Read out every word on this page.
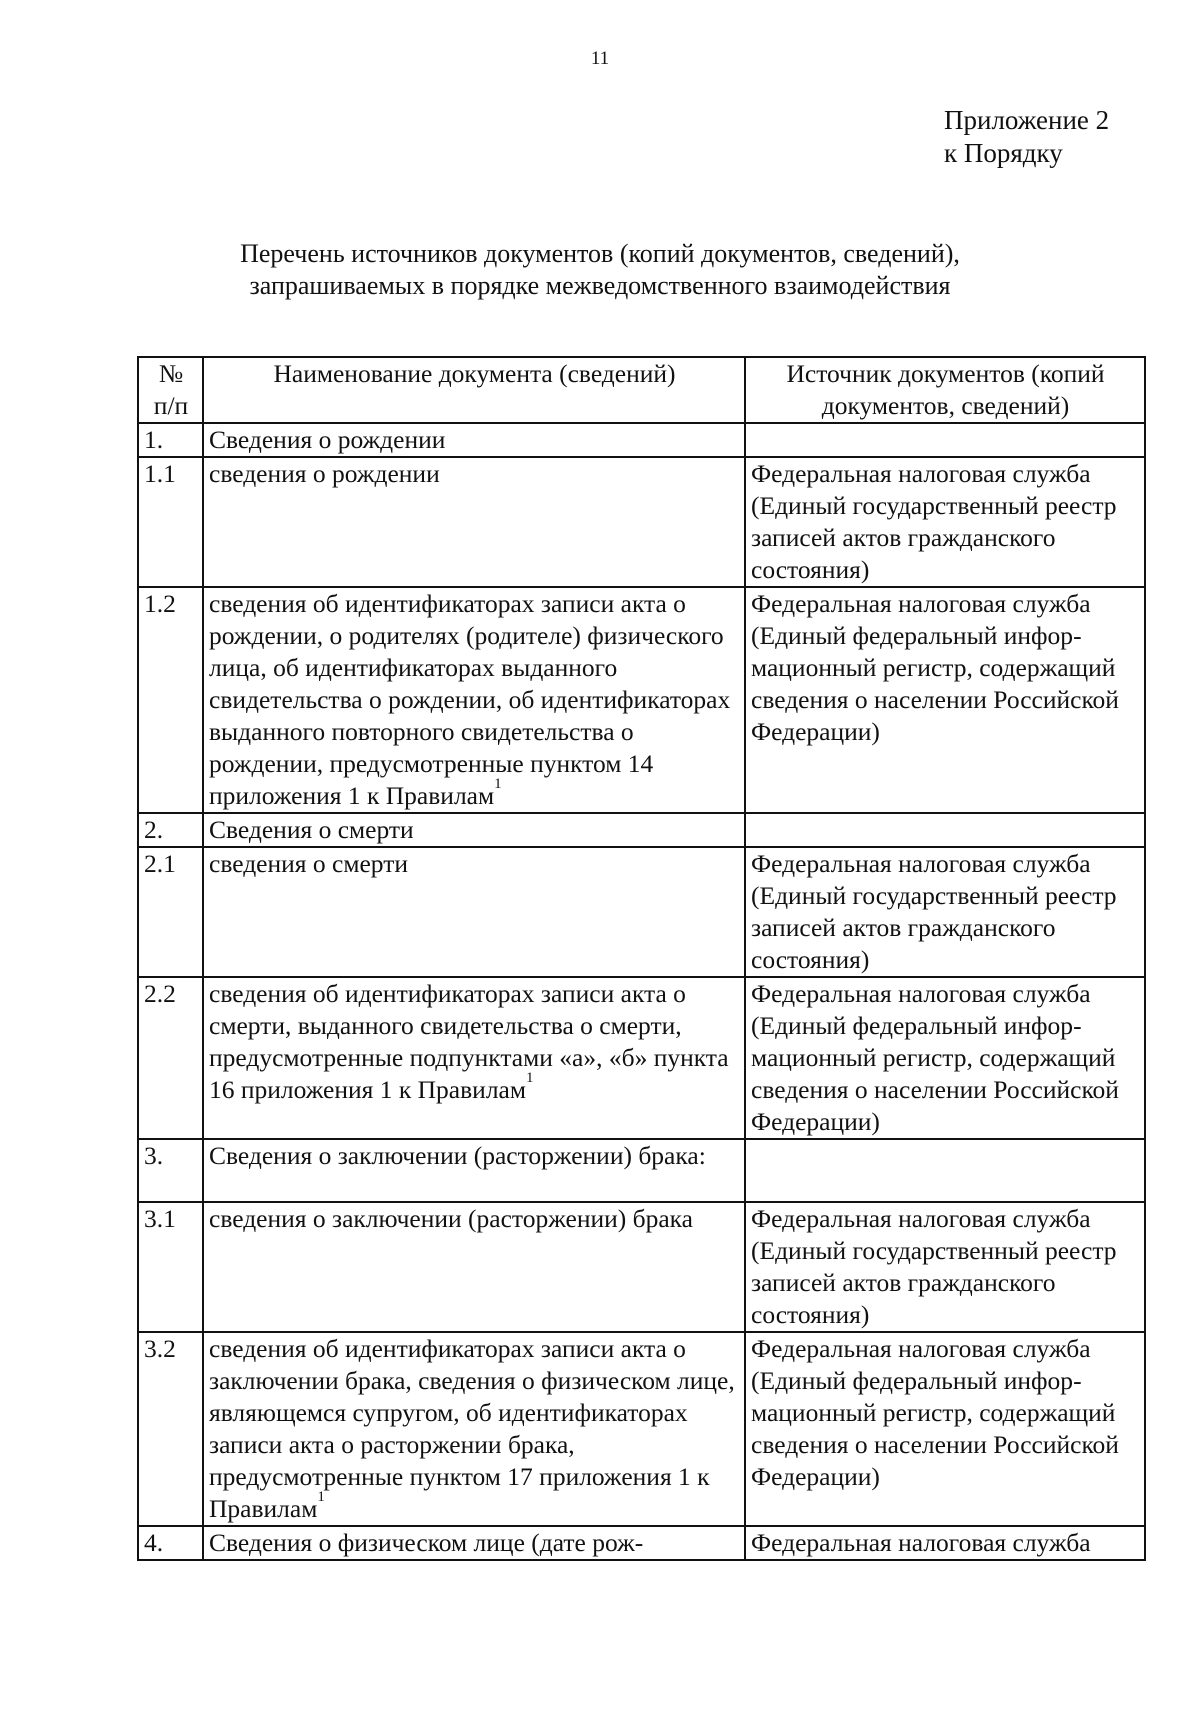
11
Приложение 2
к Порядку
Перечень источников документов (копий документов, сведений),
запрашиваемых в порядке межведомственного взаимодействия
№
п/п	Наименование документа (сведений)	Источник документов (копий документов, сведений)
1.	Сведения о рождении	
1.1	сведения о рождении	Федеральная налоговая служба (Единый государственный реестр записей актов гражданского состояния)
1.2	сведения об идентификаторах записи акта о рождении, о родителях (родителе) физического лица, об идентификаторах выданного свидетельства о рождении, об идентификаторах выданного повторного свидетельства о рождении, предусмотренные пунктом 14 приложения 1 к Правилам$^1$	Федеральная налоговая служба (Единый федеральный информационный регистр, содержащий сведения о населении Российской Федерации)
2.	Сведения о смерти	
2.1	сведения о смерти	Федеральная налоговая служба (Единый государственный реестр записей актов гражданского состояния)
2.2	сведения об идентификаторах записи акта о смерти, выданного свидетельства о смерти, предусмотренные подпунктами «а», «б» пункта 16 приложения 1 к Правилам$^1$	Федеральная налоговая служба (Единый федеральный информационный регистр, содержащий сведения о населении Российской Федерации)
3.	Сведения о заключении (расторжении) брака:	
3.1	сведения о заключении (расторжении) брака	Федеральная налоговая служба (Единый государственный реестр записей актов гражданского состояния)
3.2	сведения об идентификаторах записи акта о заключении брака, сведения о физическом лице, являющемся супругом, об идентификаторах записи акта о расторжении брака, предусмотренные пунктом 17 приложения 1 к Правилам$^1$	Федеральная налоговая служба (Единый федеральный информационный регистр, содержащий сведения о населении Российской Федерации)
4.	Сведения о физическом лице (дате рож-	Федеральная налоговая служба
